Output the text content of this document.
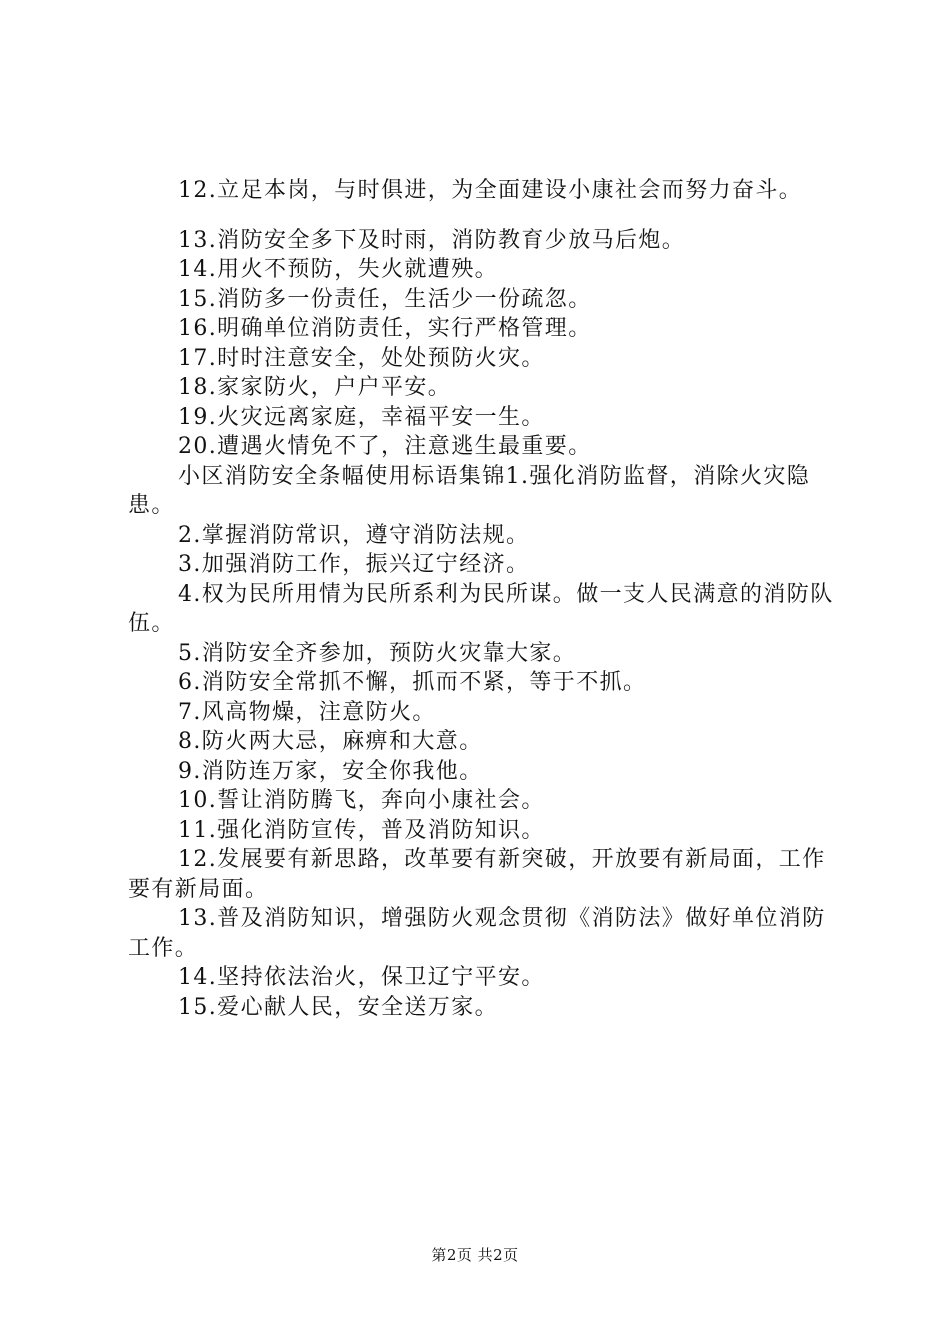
12.立足本岗，与时俱进，为全面建设小康社会而努力奋斗。

13.消防安全多下及时雨，消防教育少放马后炮。

14.用火不预防，失火就遭殃。

15.消防多一份责任，生活少一份疏忽。

16.明确单位消防责任，实行严格管理。

17.时时注意安全，处处预防火灾。

18.家家防火，户户平安。

19.火灾远离家庭，幸福平安一生。

20.遭遇火情免不了，注意逃生最重要。

小区消防安全条幅使用标语集锦1.强化消防监督，消除火灾隐患。

2.掌握消防常识，遵守消防法规。

3.加强消防工作，振兴辽宁经济。

4.权为民所用情为民所系利为民所谋。做一支人民满意的消防队伍。

5.消防安全齐参加，预防火灾靠大家。

6.消防安全常抓不懈，抓而不紧，等于不抓。

7.风高物燥，注意防火。

8.防火两大忌，麻痹和大意。

9.消防连万家，安全你我他。

10.誓让消防腾飞，奔向小康社会。

11.强化消防宣传，普及消防知识。

12.发展要有新思路，改革要有新突破，开放要有新局面，工作要有新局面。

13.普及消防知识，增强防火观念贯彻《消防法》做好单位消防工作。

14.坚持依法治火，保卫辽宁平安。

15.爱心献人民，安全送万家。

第2页 共2页
